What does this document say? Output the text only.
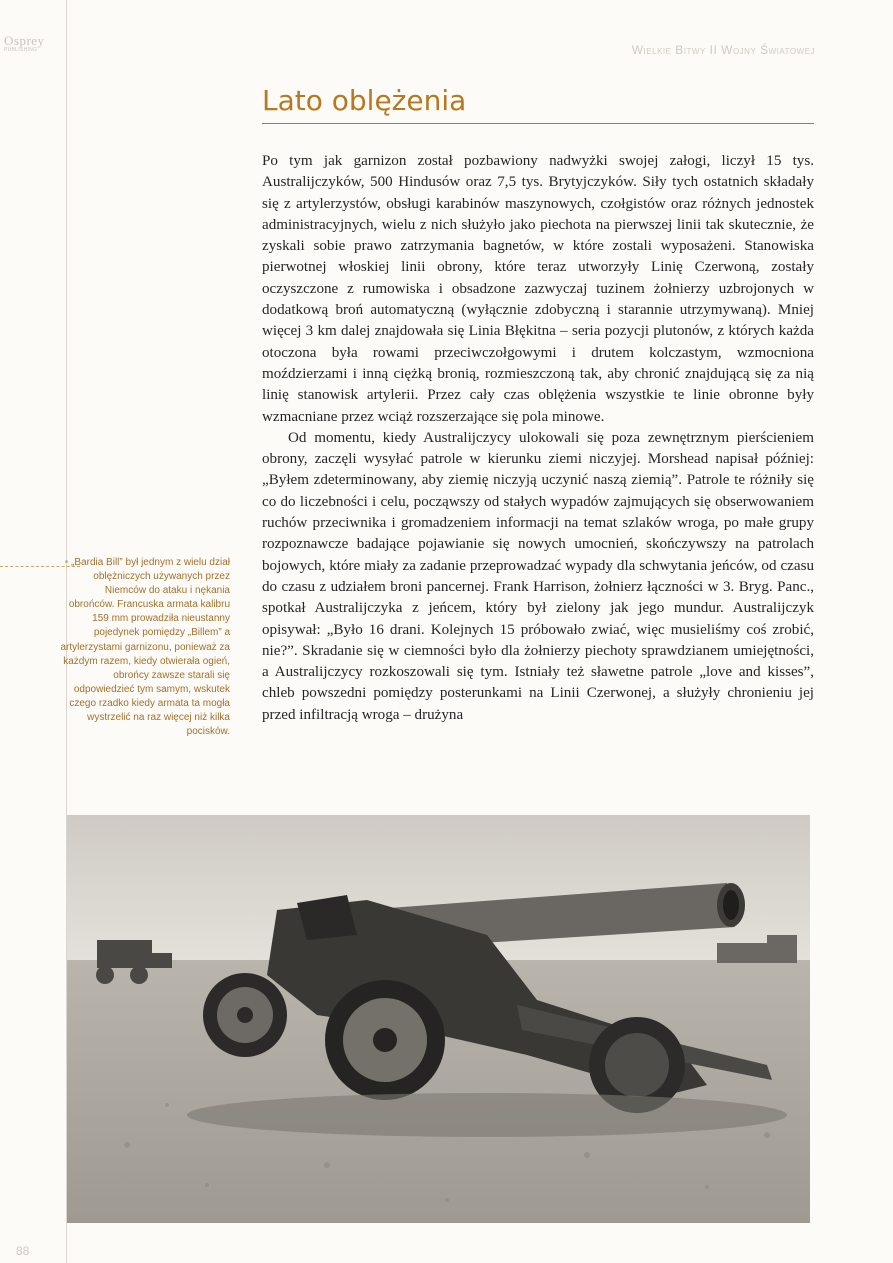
Osprey
PUBLISHING	Wielkie Bitwy II Wojny Światowej
Lato oblężenia

Po tym jak garnizon został pozbawiony nadwyżki swojej załogi, liczył 15 tys. Australijczyków, 500 Hindusów oraz 7,5 tys. Brytyjczyków. Siły tych ostatnich składały się z artylerzystów, obsługi karabinów maszynowych, czołgistów oraz różnych jednostek administracyjnych, wielu z nich służyło jako piechota na pierwszej linii tak skutecznie, że zyskali sobie prawo zatrzymania bagnetów, w które zostali wyposażeni. Stanowiska pierwotnej włoskiej linii obrony, które teraz utworzyły Linię Czerwoną, zostały oczyszczone z rumowiska i obsadzone zazwyczaj tuzinem żołnierzy uzbrojonych w dodatkową broń automatyczną (wyłącznie zdobyczną i starannie utrzymywaną). Mniej więcej 3 km dalej znajdowała się Linia Błękitna – seria pozycji plutonów, z których każda otoczona była rowami przeciwczołgowymi i drutem kolczastym, wzmocniona moździerzami i inną ciężką bronią, rozmieszczoną tak, aby chronić znajdującą się za nią linię stanowisk artylerii. Przez cały czas oblężenia wszystkie te linie obronne były wzmacniane przez wciąż rozszerzające się pola minowe.

Od momentu, kiedy Australijczycy ulokowali się poza zewnętrznym pierścieniem obrony, zaczęli wysyłać patrole w kierunku ziemi niczyjej. Morshead napisał później: „Byłem zdeterminowany, aby ziemię niczyją uczynić naszą ziemią”. Patrole te różniły się co do liczebności i celu, począwszy od stałych wypadów zajmujących się obserwowaniem ruchów przeciwnika i gromadzeniem informacji na temat szlaków wroga, po małe grupy rozpoznawcze badające pojawianie się nowych umocnień, skończywszy na patrolach bojowych, które miały za zadanie przeprowadzać wypady dla schwytania jeńców, od czasu do czasu z udziałem broni pancernej. Frank Harrison, żołnierz łączności w 3. Bryg. Panc., spotkał Australijczyka z jeńcem, który był zielony jak jego mundur. Australijczyk opisywał: „Było 16 drani. Kolejnych 15 próbowało zwiać, więc musieliśmy coś zrobić, nie?”. Skradanie się w ciemności było dla żołnierzy piechoty sprawdzianem umiejętności, a Australijczycy rozkoszowali się tym. Istniały też sławetne patrole „love and kisses”, chleb powszedni pomiędzy posterunkami na Linii Czerwonej, a służyły chronieniu jej przed infiltracją wroga – drużyna

• „Bardia Bill” był jednym z wielu dział oblężniczych używanych przez Niemców do ataku i nękania obrońców. Francuska armata kalibru 159 mm prowadziła nieustanny pojedynek pomiędzy „Billem” a artylerzystami garnizonu, ponieważ za każdym razem, kiedy otwierała ogień, obrońcy zawsze starali się odpowiedzieć tym samym, wskutek czego rzadko kiedy armata ta mogła wystrzelić na raz więcej niż kilka pocisków.
88
